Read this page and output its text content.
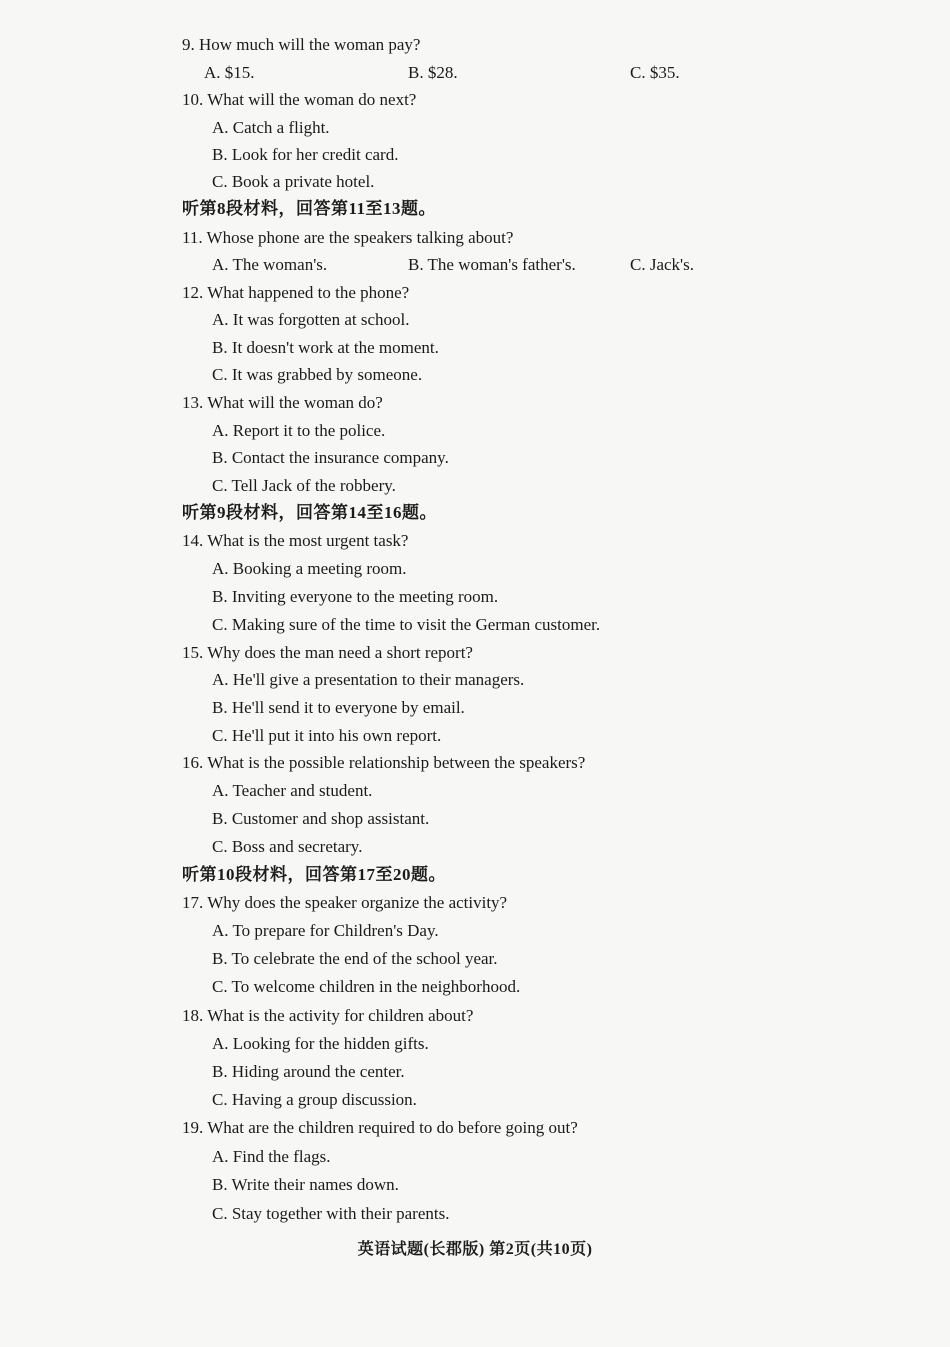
9. How much will the woman pay?
A. $15.	B. $28.	C. $35.
10. What will the woman do next?
A. Catch a flight.
B. Look for her credit card.
C. Book a private hotel.
听第8段材料，回答第11至13题。
11. Whose phone are the speakers talking about?
A. The woman's.	B. The woman's father's.	C. Jack's.
12. What happened to the phone?
A. It was forgotten at school.
B. It doesn't work at the moment.
C. It was grabbed by someone.
13. What will the woman do?
A. Report it to the police.
B. Contact the insurance company.
C. Tell Jack of the robbery.
听第9段材料，回答第14至16题。
14. What is the most urgent task?
A. Booking a meeting room.
B. Inviting everyone to the meeting room.
C. Making sure of the time to visit the German customer.
15. Why does the man need a short report?
A. He'll give a presentation to their managers.
B. He'll send it to everyone by email.
C. He'll put it into his own report.
16. What is the possible relationship between the speakers?
A. Teacher and student.
B. Customer and shop assistant.
C. Boss and secretary.
听第10段材料，回答第17至20题。
17. Why does the speaker organize the activity?
A. To prepare for Children's Day.
B. To celebrate the end of the school year.
C. To welcome children in the neighborhood.
18. What is the activity for children about?
A. Looking for the hidden gifts.
B. Hiding around the center.
C. Having a group discussion.
19. What are the children required to do before going out?
A. Find the flags.
B. Write their names down.
C. Stay together with their parents.
英语试题(长郡版) 第2页(共10页)
